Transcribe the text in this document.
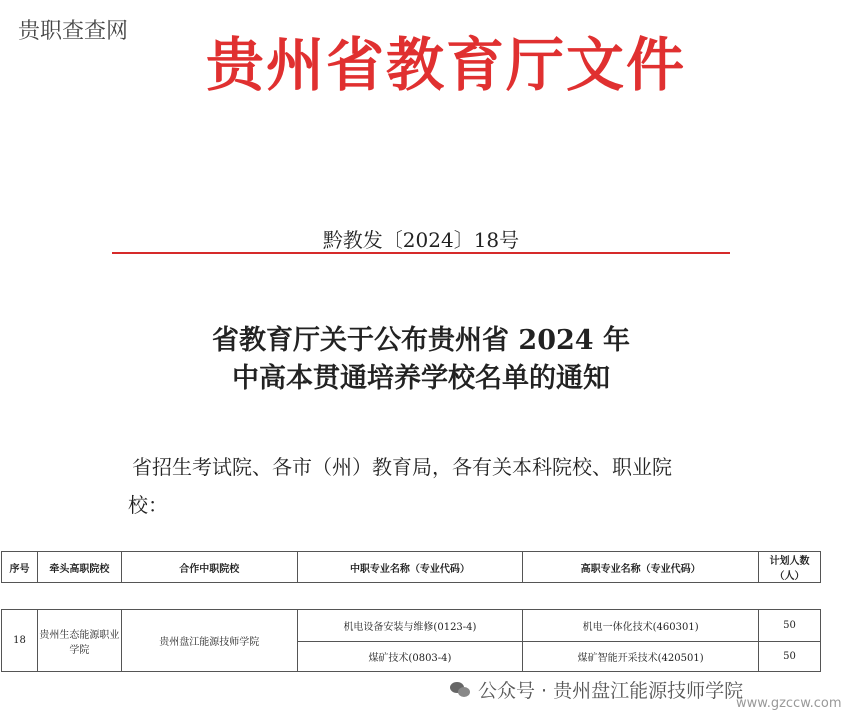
贵职查查网	贵州省教育厅文件
黔教发〔2024〕18号
省教育厅关于公布贵州省 2024 年
中高本贯通培养学校名单的通知
省招生考试院、各市（州）教育局，各有关本科院校、职业院
校：
序号	牵头高职院校	合作中职院校	中职专业名称（专业代码）	高职专业名称（专业代码）	计划人数（人）

18	贵州生态能源职业学院	贵州盘江能源技师学院	机电设备安装与维修(0123-4)	机电一体化技术(460301)	50
			煤矿技术(0803-4)	煤矿智能开采技术(420501)	50
公众号 · 贵州盘江能源技师学院
www.gzccw.com
